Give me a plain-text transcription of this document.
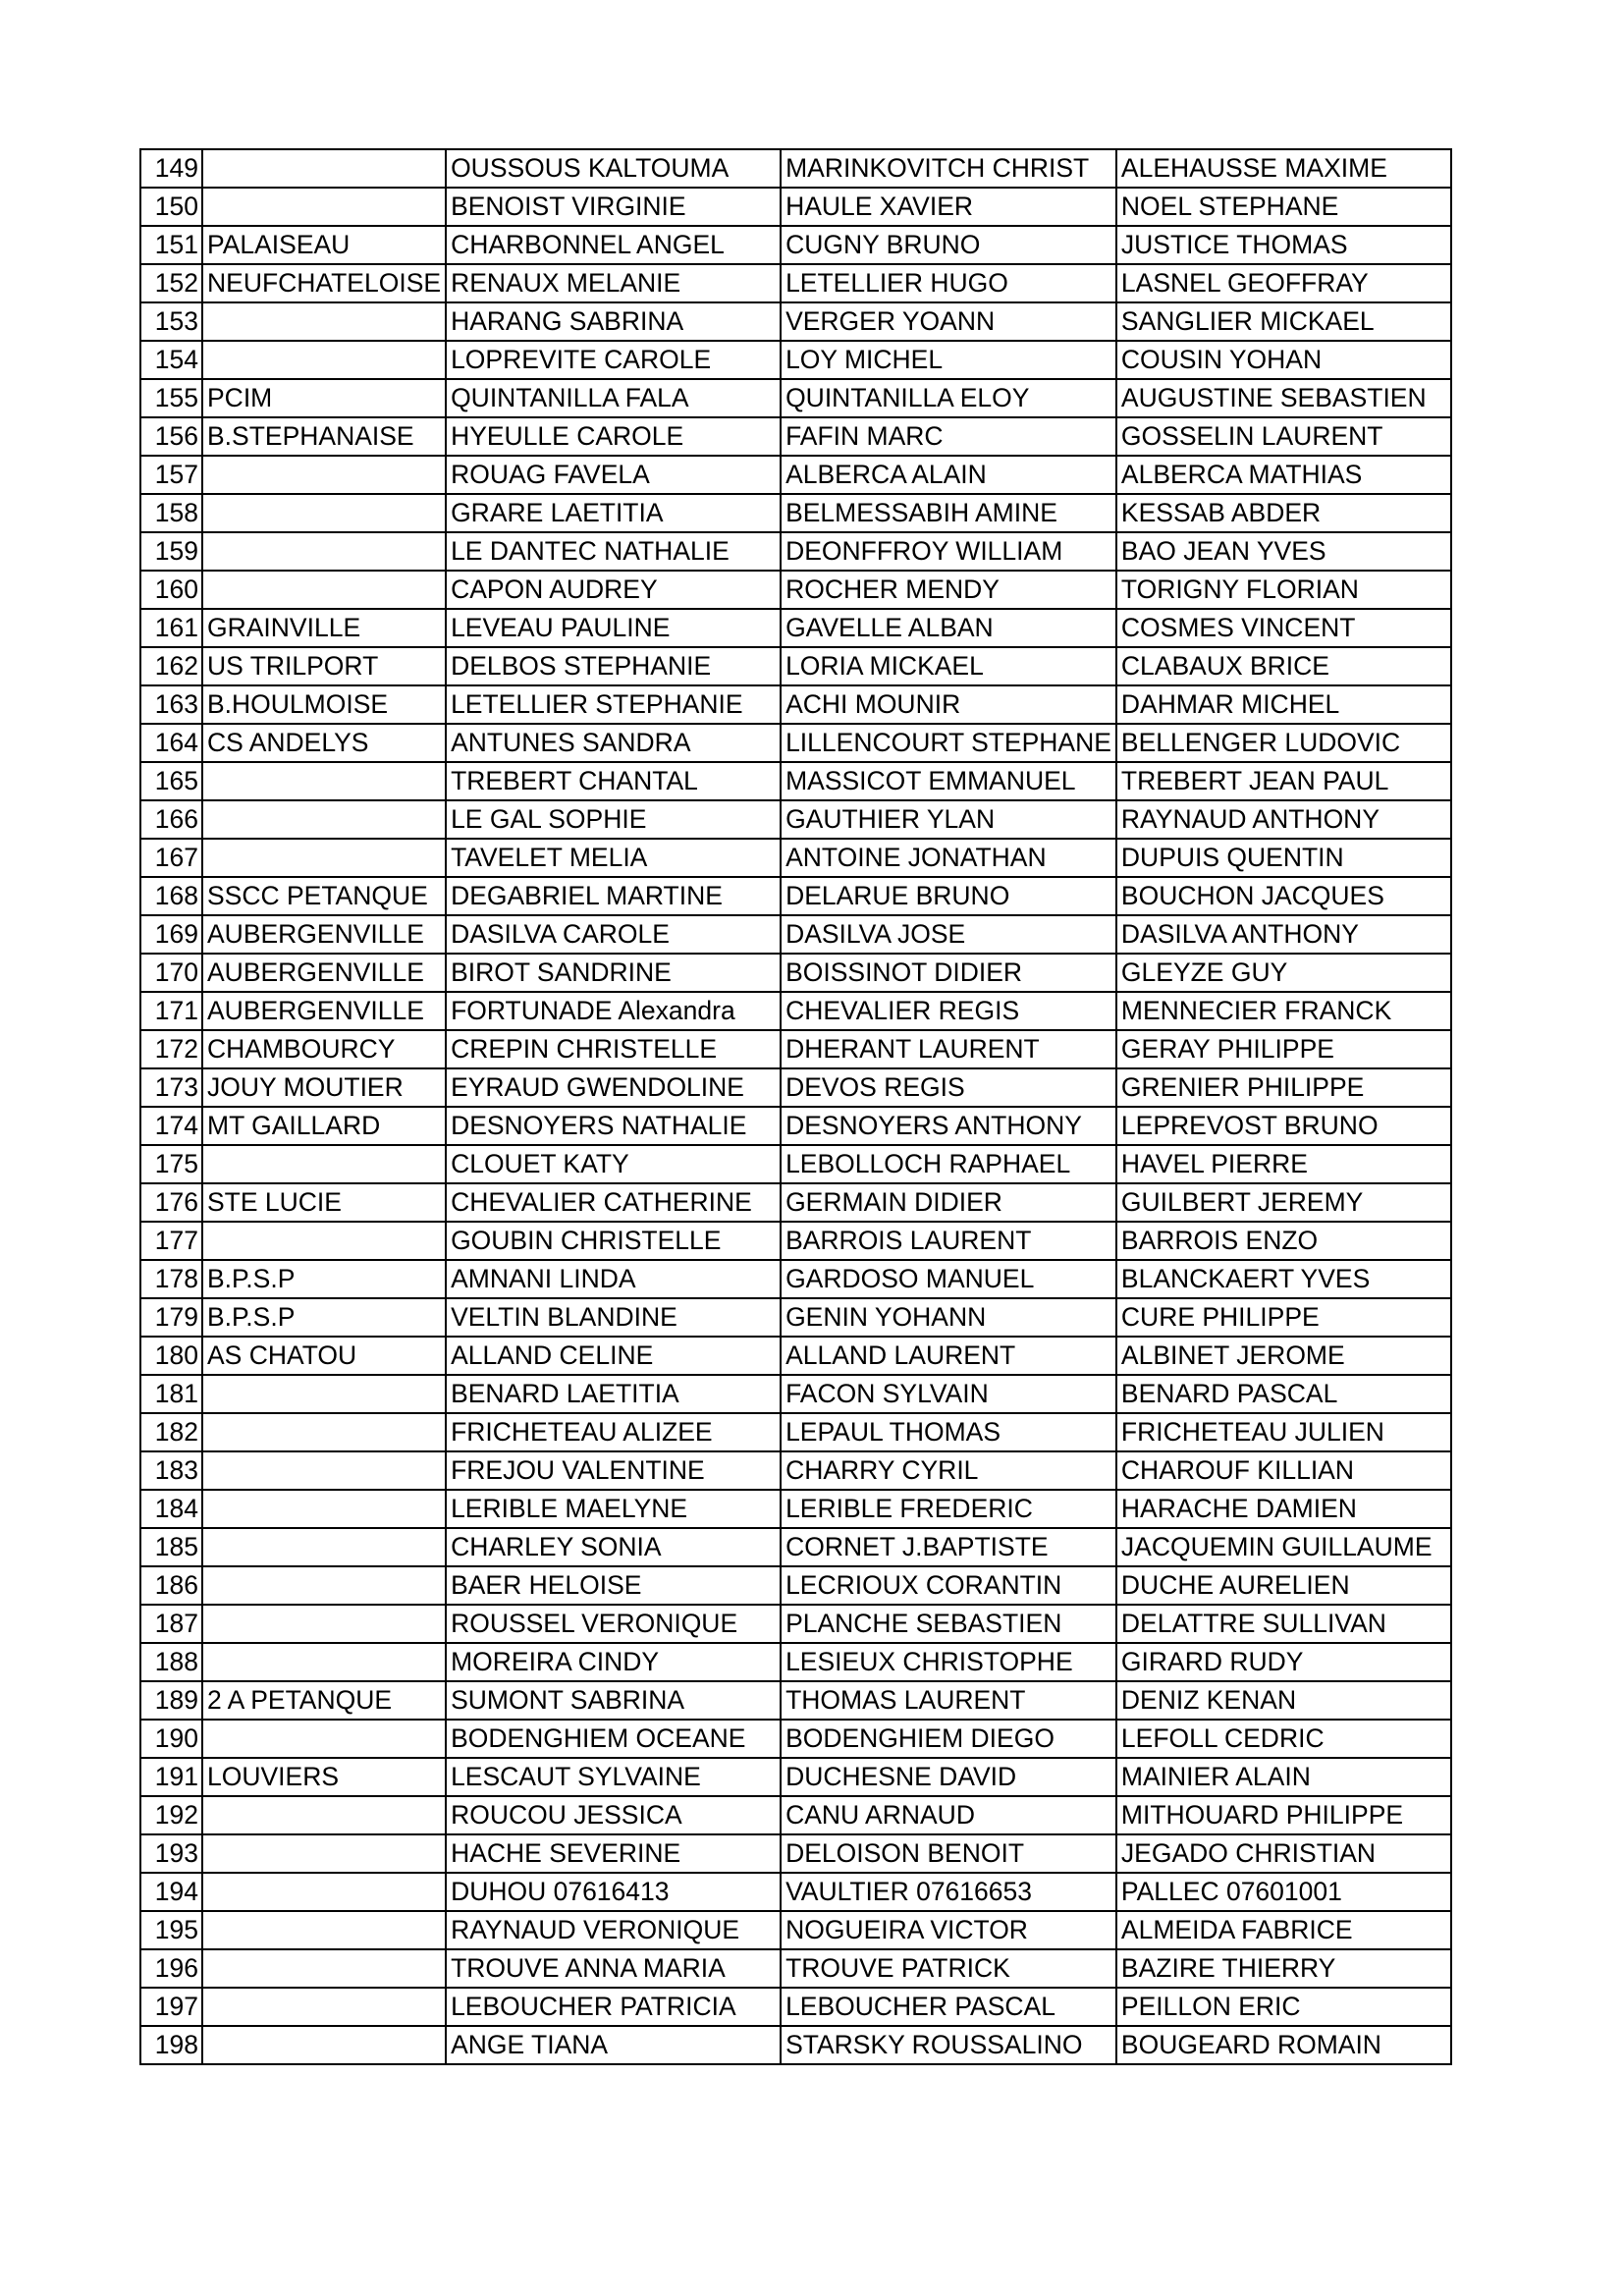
149		OUSSOUS KALTOUMA	MARINKOVITCH CHRIST	ALEHAUSSE MAXIME
150		BENOIST VIRGINIE	HAULE XAVIER	NOEL STEPHANE
151	PALAISEAU	CHARBONNEL ANGEL	CUGNY BRUNO	JUSTICE THOMAS
152	NEUFCHATELOISE	RENAUX MELANIE	LETELLIER HUGO	LASNEL GEOFFRAY
153		HARANG SABRINA	VERGER YOANN	SANGLIER MICKAEL
154		LOPREVITE CAROLE	LOY MICHEL	COUSIN YOHAN
155	PCIM	QUINTANILLA FALA	QUINTANILLA ELOY	AUGUSTINE SEBASTIEN
156	B.STEPHANAISE	HYEULLE CAROLE	FAFIN MARC	GOSSELIN LAURENT
157		ROUAG FAVELA	ALBERCA ALAIN	ALBERCA MATHIAS
158		GRARE LAETITIA	BELMESSABIH AMINE	KESSAB ABDER
159		LE DANTEC NATHALIE	DEONFFROY WILLIAM	BAO JEAN YVES
160		CAPON AUDREY	ROCHER MENDY	TORIGNY FLORIAN
161	GRAINVILLE	LEVEAU PAULINE	GAVELLE ALBAN	COSMES VINCENT
162	US TRILPORT	DELBOS STEPHANIE	LORIA MICKAEL	CLABAUX BRICE
163	B.HOULMOISE	LETELLIER STEPHANIE	ACHI MOUNIR	DAHMAR MICHEL
164	CS ANDELYS	ANTUNES SANDRA	LILLENCOURT STEPHANE	BELLENGER LUDOVIC
165		TREBERT CHANTAL	MASSICOT EMMANUEL	TREBERT JEAN PAUL
166		LE GAL SOPHIE	GAUTHIER YLAN	RAYNAUD ANTHONY
167		TAVELET MELIA	ANTOINE JONATHAN	DUPUIS QUENTIN
168	SSCC PETANQUE	DEGABRIEL MARTINE	DELARUE BRUNO	BOUCHON JACQUES
169	AUBERGENVILLE	DASILVA CAROLE	DASILVA JOSE	DASILVA ANTHONY
170	AUBERGENVILLE	BIROT SANDRINE	BOISSINOT DIDIER	GLEYZE GUY
171	AUBERGENVILLE	FORTUNADE Alexandra	CHEVALIER REGIS	MENNECIER FRANCK
172	CHAMBOURCY	CREPIN CHRISTELLE	DHERANT LAURENT	GERAY PHILIPPE
173	JOUY MOUTIER	EYRAUD GWENDOLINE	DEVOS REGIS	GRENIER PHILIPPE
174	MT GAILLARD	DESNOYERS NATHALIE	DESNOYERS ANTHONY	LEPREVOST BRUNO
175		CLOUET KATY	LEBOLLOCH RAPHAEL	HAVEL PIERRE
176	STE LUCIE	CHEVALIER CATHERINE	GERMAIN DIDIER	GUILBERT JEREMY
177		GOUBIN CHRISTELLE	BARROIS LAURENT	BARROIS ENZO
178	B.P.S.P	AMNANI LINDA	GARDOSO MANUEL	BLANCKAERT YVES
179	B.P.S.P	VELTIN BLANDINE	GENIN YOHANN	CURE PHILIPPE
180	AS CHATOU	ALLAND CELINE	ALLAND LAURENT	ALBINET JEROME
181		BENARD LAETITIA	FACON SYLVAIN	BENARD PASCAL
182		FRICHETEAU ALIZEE	LEPAUL THOMAS	FRICHETEAU JULIEN
183		FREJOU VALENTINE	CHARRY CYRIL	CHAROUF KILLIAN
184		LERIBLE MAELYNE	LERIBLE FREDERIC	HARACHE DAMIEN
185		CHARLEY SONIA	CORNET J.BAPTISTE	JACQUEMIN GUILLAUME
186		BAER HELOISE	LECRIOUX CORANTIN	DUCHE AURELIEN
187		ROUSSEL VERONIQUE	PLANCHE SEBASTIEN	DELATTRE SULLIVAN
188		MOREIRA CINDY	LESIEUX CHRISTOPHE	GIRARD RUDY
189	2 A PETANQUE	SUMONT SABRINA	THOMAS LAURENT	DENIZ KENAN
190		BODENGHIEM OCEANE	BODENGHIEM DIEGO	LEFOLL CEDRIC
191	LOUVIERS	LESCAUT SYLVAINE	DUCHESNE DAVID	MAINIER ALAIN
192		ROUCOU JESSICA	CANU ARNAUD	MITHOUARD PHILIPPE
193		HACHE SEVERINE	DELOISON BENOIT	JEGADO CHRISTIAN
194		DUHOU 07616413	VAULTIER 07616653	PALLEC 07601001
195		RAYNAUD VERONIQUE	NOGUEIRA VICTOR	ALMEIDA FABRICE
196		TROUVE ANNA MARIA	TROUVE PATRICK	BAZIRE THIERRY
197		LEBOUCHER PATRICIA	LEBOUCHER PASCAL	PEILLON ERIC
198		ANGE TIANA	STARSKY ROUSSALINO	BOUGEARD ROMAIN
